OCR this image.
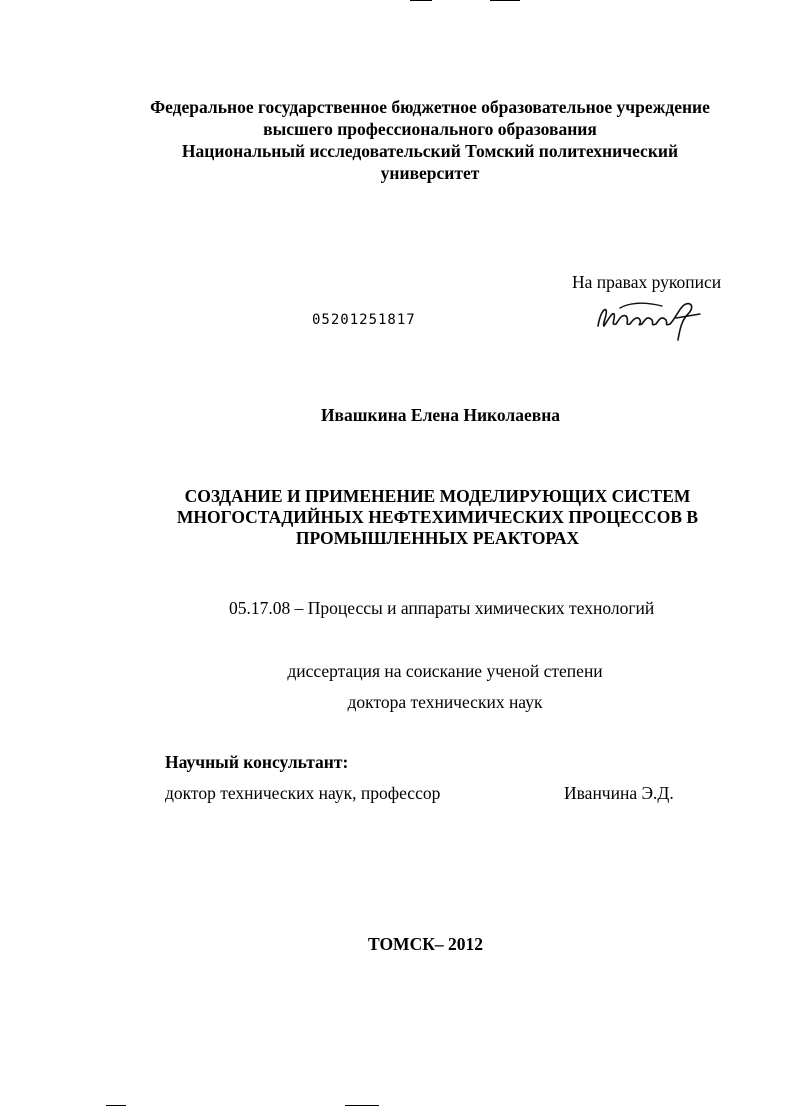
Федеральное государственное бюджетное образовательное учреждение
высшего профессионального образования
Национальный исследовательский Томский политехнический
университет
На правах рукописи
05201251817
Ивашкина Елена Николаевна
СОЗДАНИЕ И ПРИМЕНЕНИЕ МОДЕЛИРУЮЩИХ СИСТЕМ
МНОГОСТАДИЙНЫХ НЕФТЕХИМИЧЕСКИХ ПРОЦЕССОВ В
ПРОМЫШЛЕННЫХ РЕАКТОРАХ
05.17.08 – Процессы и аппараты химических технологий
диссертация на соискание ученой степени
доктора технических наук
Научный консультант:
доктор технических наук, профессор	Иванчина Э.Д.
ТОМСК– 2012
